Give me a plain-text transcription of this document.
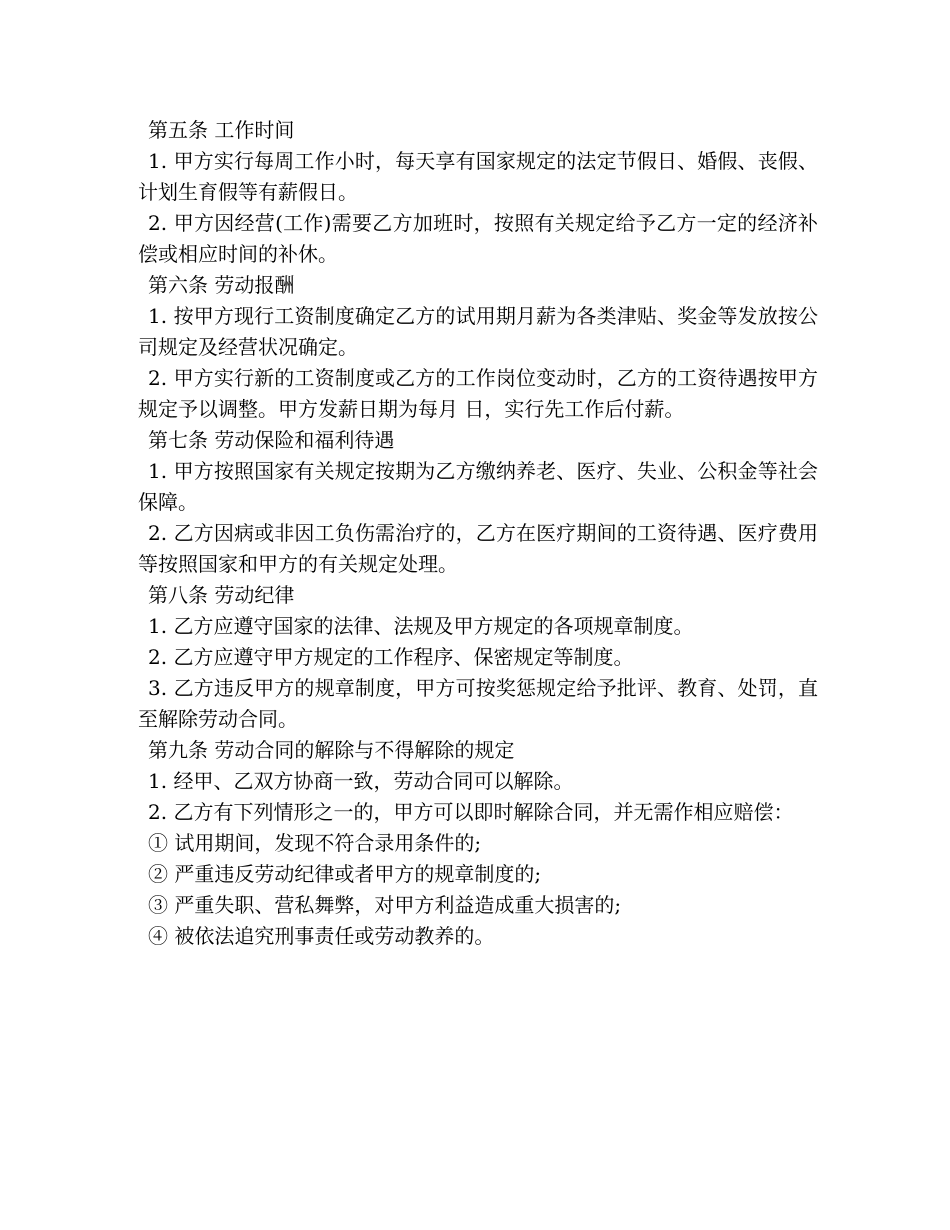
第五条 工作时间

1. 甲方实行每周工作小时，每天享有国家规定的法定节假日、婚假、丧假、计划生育假等有薪假日。

2. 甲方因经营(工作)需要乙方加班时，按照有关规定给予乙方一定的经济补偿或相应时间的补休。

第六条 劳动报酬

1. 按甲方现行工资制度确定乙方的试用期月薪为各类津贴、奖金等发放按公司规定及经营状况确定。

2. 甲方实行新的工资制度或乙方的工作岗位变动时，乙方的工资待遇按甲方规定予以调整。甲方发薪日期为每月 日，实行先工作后付薪。

第七条 劳动保险和福利待遇

1. 甲方按照国家有关规定按期为乙方缴纳养老、医疗、失业、公积金等社会保障。

2. 乙方因病或非因工负伤需治疗的，乙方在医疗期间的工资待遇、医疗费用等按照国家和甲方的有关规定处理。

第八条 劳动纪律

1. 乙方应遵守国家的法律、法规及甲方规定的各项规章制度。

2. 乙方应遵守甲方规定的工作程序、保密规定等制度。

3. 乙方违反甲方的规章制度，甲方可按奖惩规定给予批评、教育、处罚，直至解除劳动合同。

第九条 劳动合同的解除与不得解除的规定

1. 经甲、乙双方协商一致，劳动合同可以解除。

2. 乙方有下列情形之一的，甲方可以即时解除合同，并无需作相应赔偿：

① 试用期间，发现不符合录用条件的;

② 严重违反劳动纪律或者甲方的规章制度的;

③ 严重失职、营私舞弊，对甲方利益造成重大损害的;

④ 被依法追究刑事责任或劳动教养的。
